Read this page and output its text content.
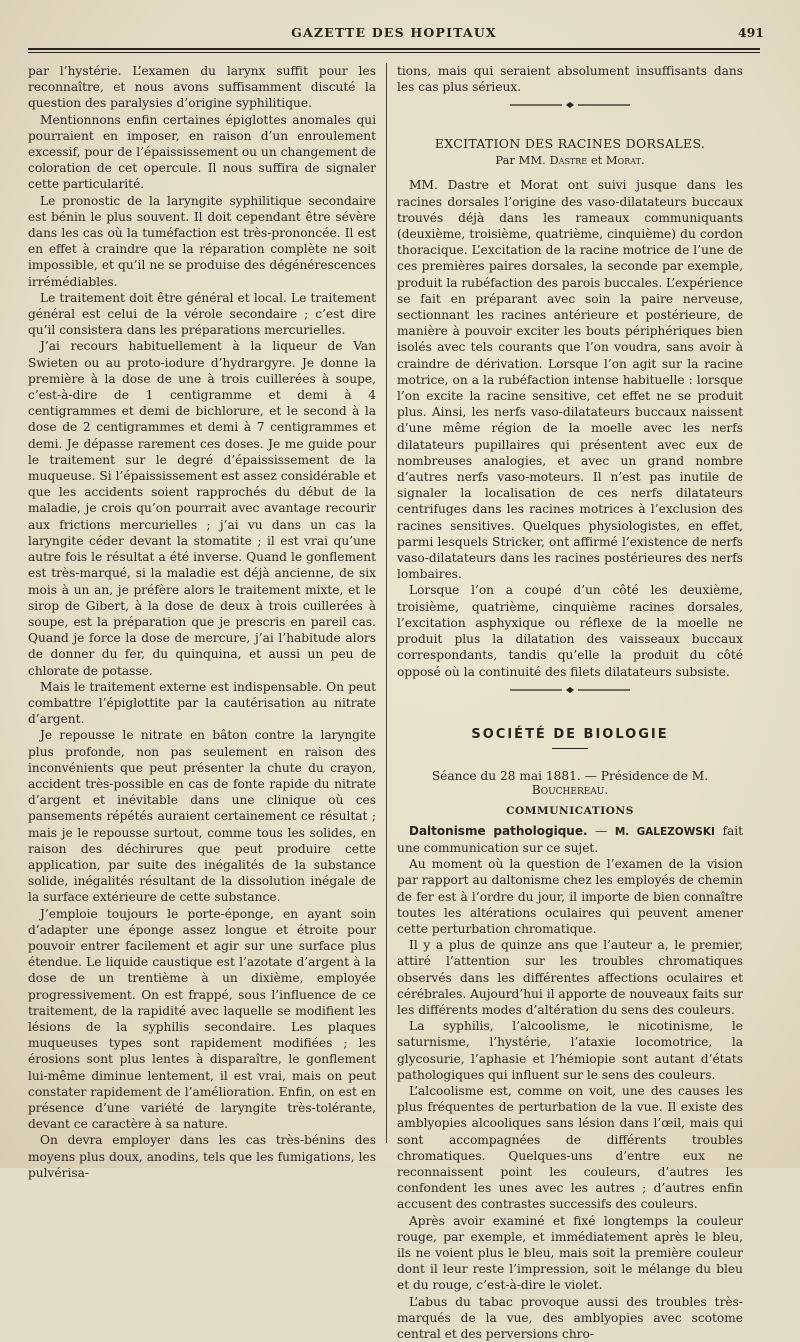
GAZETTE DES HOPITAUX	491

par l’hystérie. L’examen du larynx suffit pour les reconnaître, et nous avons suffisamment discuté la question des paralysies d’origine syphilitique.

Mentionnons enfin certaines épiglottes anomales qui pourraient en imposer, en raison d’un enroulement excessif, pour de l’épaississement ou un changement de coloration de cet opercule. Il nous suffira de signaler cette particularité.

Le pronostic de la laryngite syphilitique secondaire est bénin le plus souvent. Il doit cependant être sévère dans les cas où la tuméfaction est très-prononcée. Il est en effet à craindre que la réparation complète ne soit impossible, et qu’il ne se produise des dégénérescences irrémédiables.

Le traitement doit être général et local. Le traitement général est celui de la vérole secondaire ; c’est dire qu’il consistera dans les préparations mercurielles.

J’ai recours habituellement à la liqueur de Van Swieten ou au proto-iodure d’hydrargyre. Je donne la première à la dose de une à trois cuillerées à soupe, c’est-à-dire de 1 centigramme et demi à 4 centigrammes et demi de bichlorure, et le second à la dose de 2 centigrammes et demi à 7 centigrammes et demi. Je dépasse rarement ces doses. Je me guide pour le traitement sur le degré d’épaississement de la muqueuse. Si l’épaississement est assez considérable et que les accidents soient rapprochés du début de la maladie, je crois qu’on pourrait avec avantage recourir aux frictions mercurielles ; j’ai vu dans un cas la laryngite céder devant la stomatite ; il est vrai qu’une autre fois le résultat a été inverse. Quand le gonflement est très-marqué, si la maladie est déjà ancienne, de six mois à un an, je préfère alors le traitement mixte, et le sirop de Gibert, à la dose de deux à trois cuillerées à soupe, est la préparation que je prescris en pareil cas. Quand je force la dose de mercure, j’ai l’habitude alors de donner du fer, du quinquina, et aussi un peu de chlorate de potasse.

Mais le traitement externe est indispensable. On peut combattre l’épiglottite par la cautérisation au nitrate d’argent.

Je repousse le nitrate en bâton contre la laryngite plus profonde, non pas seulement en raison des inconvénients que peut présenter la chute du crayon, accident très-possible en cas de fonte rapide du nitrate d’argent et inévitable dans une clinique où ces pansements répétés auraient certainement ce résultat ; mais je le repousse surtout, comme tous les solides, en raison des déchirures que peut produire cette application, par suite des inégalités de la substance solide, inégalités résultant de la dissolution inégale de la surface extérieure de cette substance.

J’emploie toujours le porte-éponge, en ayant soin d’adapter une éponge assez longue et étroite pour pouvoir entrer facilement et agir sur une surface plus étendue. Le liquide caustique est l’azotate d’argent à la dose de un trentième à un dixième, employée progressivement. On est frappé, sous l’influence de ce traitement, de la rapidité avec laquelle se modifient les lésions de la syphilis secondaire. Les plaques muqueuses types sont rapidement modifiées ; les érosions sont plus lentes à disparaître, le gonflement lui-même diminue lentement, il est vrai, mais on peut constater rapidement de l’amélioration. Enfin, on est en présence d’une variété de laryngite très-tolérante, devant ce caractère à sa nature.

On devra employer dans les cas très-bénins des moyens plus doux, anodins, tels que les fumigations, les pulvérisa-

tions, mais qui seraient absolument insuffisants dans les cas plus sérieux.

EXCITATION DES RACINES DORSALES.
Par MM. Dastre et Morat.

MM. Dastre et Morat ont suivi jusque dans les racines dorsales l’origine des vaso-dilatateurs buccaux trouvés déjà dans les rameaux communiquants (deuxième, troisième, quatrième, cinquième) du cordon thoracique. L’excitation de la racine motrice de l’une de ces premières paires dorsales, la seconde par exemple, produit la rubéfaction des parois buccales. L’expérience se fait en préparant avec soin la paire nerveuse, sectionnant les racines antérieure et postérieure, de manière à pouvoir exciter les bouts périphériques bien isolés avec tels courants que l’on voudra, sans avoir à craindre de dérivation. Lorsque l’on agit sur la racine motrice, on a la rubéfaction intense habituelle : lorsque l’on excite la racine sensitive, cet effet ne se produit plus. Ainsi, les nerfs vaso-dilatateurs buccaux naissent d’une même région de la moelle avec les nerfs dilatateurs pupillaires qui présentent avec eux de nombreuses analogies, et avec un grand nombre d’autres nerfs vaso-moteurs. Il n’est pas inutile de signaler la localisation de ces nerfs dilatateurs centrifuges dans les racines motrices à l’exclusion des racines sensitives. Quelques physiologistes, en effet, parmi lesquels Stricker, ont affirmé l’existence de nerfs vaso-dilatateurs dans les racines postérieures des nerfs lombaires.

Lorsque l’on a coupé d’un côté les deuxième, troisième, quatrième, cinquième racines dorsales, l’excitation asphyxique ou réflexe de la moelle ne produit plus la dilatation des vaisseaux buccaux correspondants, tandis qu’elle la produit du côté opposé où la continuité des filets dilatateurs subsiste.

SOCIÉTÉ DE BIOLOGIE
Séance du 28 mai 1881. — Présidence de M. Bouchereau.
COMMUNICATIONS

Daltonisme pathologique. — M. GALEZOWSKI fait une communication sur ce sujet.

Au moment où la question de l’examen de la vision par rapport au daltonisme chez les employés de chemin de fer est à l’ordre du jour, il importe de bien connaître toutes les altérations oculaires qui peuvent amener cette perturbation chromatique.

Il y a plus de quinze ans que l’auteur a, le premier, attiré l’attention sur les troubles chromatiques observés dans les différentes affections oculaires et cérébrales. Aujourd’hui il apporte de nouveaux faits sur les différents modes d’altération du sens des couleurs.

La syphilis, l’alcoolisme, le nicotinisme, le saturnisme, l’hystérie, l’ataxie locomotrice, la glycosurie, l’aphasie et l’hémiopie sont autant d’états pathologiques qui influent sur le sens des couleurs.

L’alcoolisme est, comme on voit, une des causes les plus fréquentes de perturbation de la vue. Il existe des amblyopies alcooliques sans lésion dans l’œil, mais qui sont accompagnées de différents troubles chromatiques. Quelques-uns d’entre eux ne reconnaissent point les couleurs, d’autres les confondent les unes avec les autres ; d’autres enfin accusent des contrastes successifs des couleurs.

Après avoir examiné et fixé longtemps la couleur rouge, par exemple, et immédiatement après le bleu, ils ne voient plus le bleu, mais soit la première couleur dont il leur reste l’impression, soit le mélange du bleu et du rouge, c’est-à-dire le violet.

L’abus du tabac provoque aussi des troubles très-marqués de la vue, des amblyopies avec scotome central et des perversions chro-
